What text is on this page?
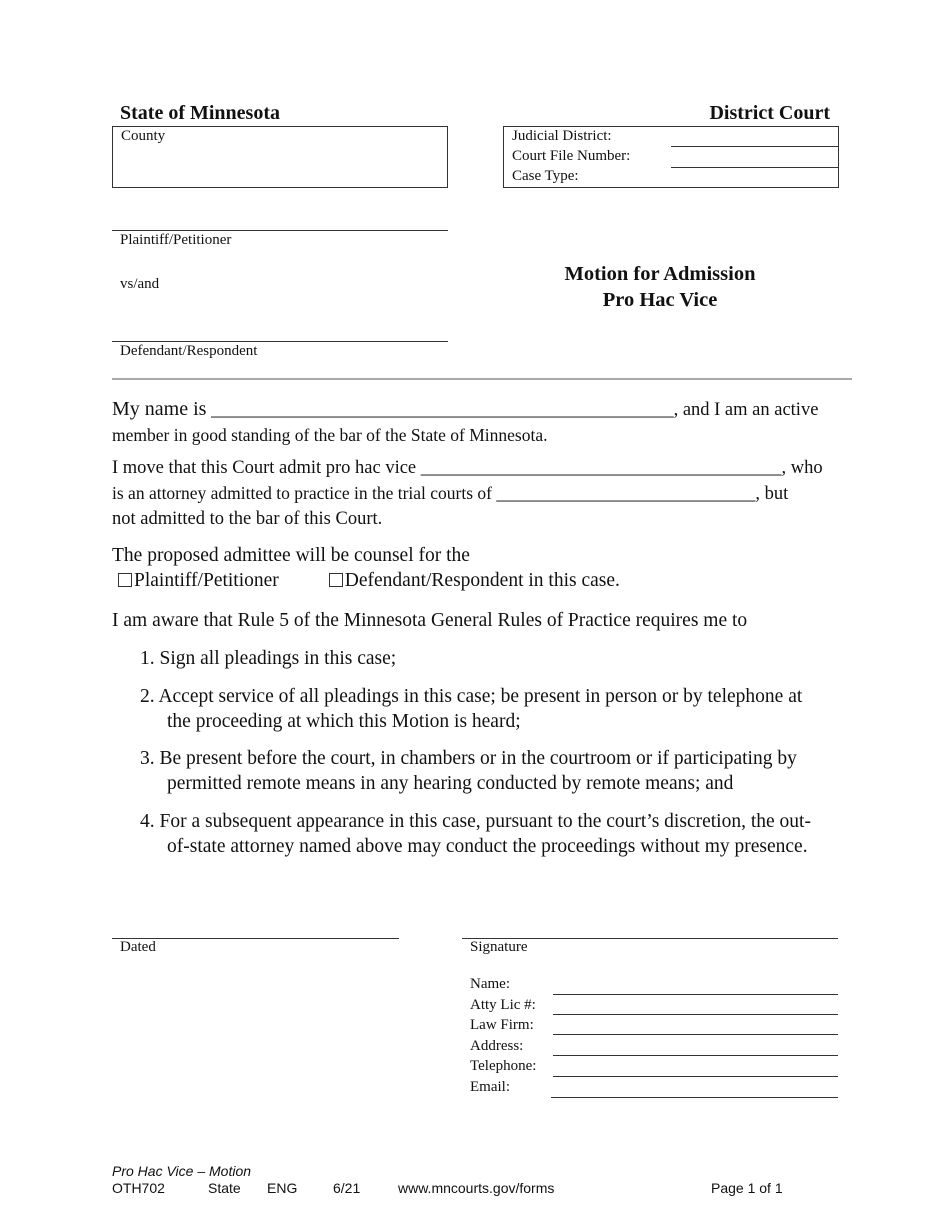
State of Minnesota	District Court
County	Judicial District:
Court File Number:
Case Type:
Plaintiff/Petitioner
vs/and
Defendant/Respondent
Motion for Admission
Pro Hac Vice
My name is __________________________________________________, and I am an active
member in good standing of the bar of the State of Minnesota.
I move that this Court admit pro hac vice _______________________________________, who
is an attorney admitted to practice in the trial courts of ____________________________, but
not admitted to the bar of this Court.
The proposed admittee will be counsel for the
Plaintiff/Petitioner	Defendant/Respondent in this case.
I am aware that Rule 5 of the Minnesota General Rules of Practice requires me to
1. Sign all pleadings in this case;
2. Accept service of all pleadings in this case; be present in person or by telephone at
the proceeding at which this Motion is heard;
3. Be present before the court, in chambers or in the courtroom or if participating by
permitted remote means in any hearing conducted by remote means; and
4. For a subsequent appearance in this case, pursuant to the court’s discretion, the out-
of-state attorney named above may conduct the proceedings without my presence.
Dated	Signature
Name:
Atty Lic #:
Law Firm:
Address:
Telephone:
Email:
Pro Hac Vice – Motion
OTH702	State ENG	6/21	www.mncourts.gov/forms	Page 1 of 1
